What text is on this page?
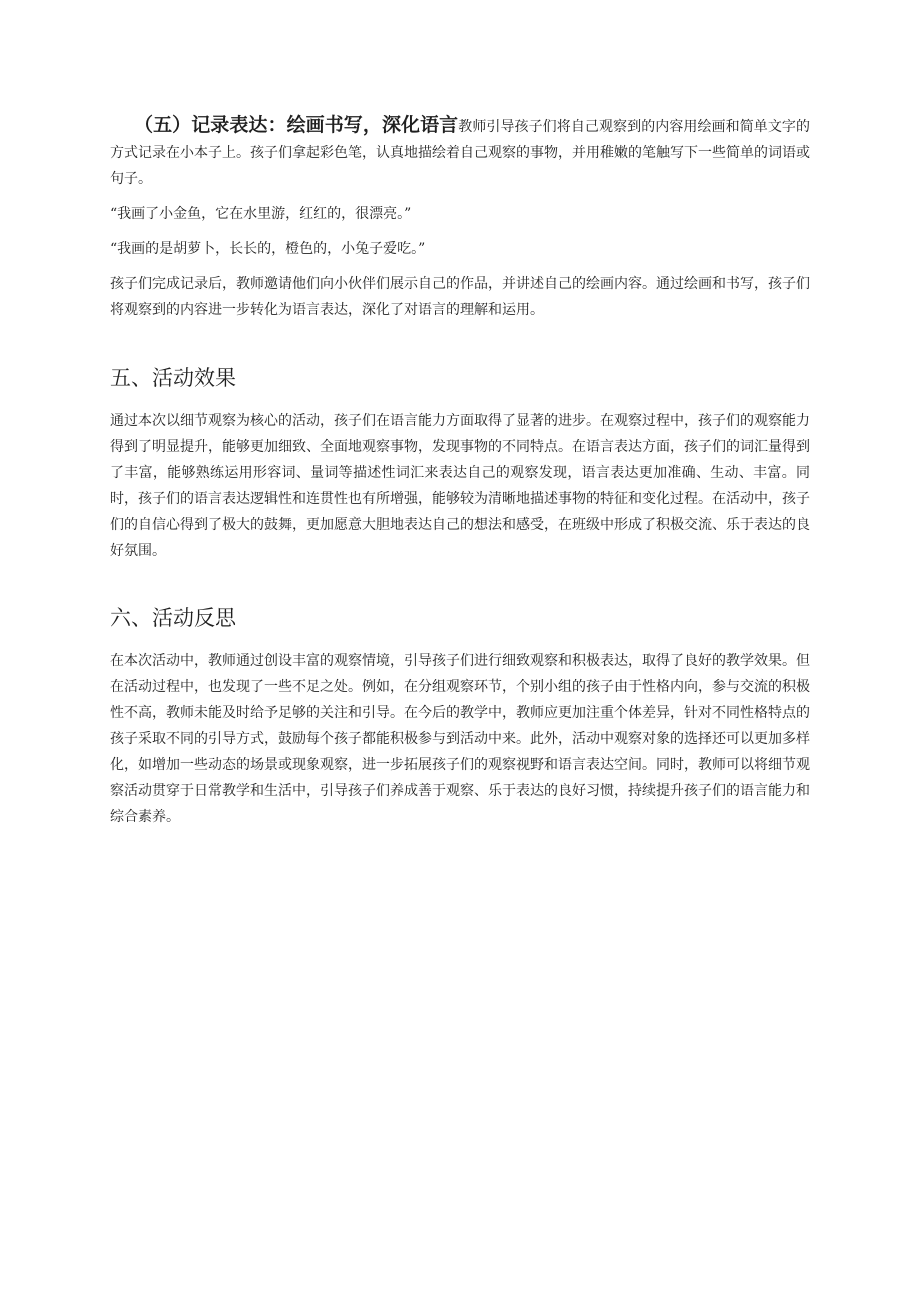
（五）记录表达：绘画书写，深化语言教师引导孩子们将自己观察到的内容用绘画和简单文字的方式记录在小本子上。孩子们拿起彩色笔，认真地描绘着自己观察的事物，并用稚嫩的笔触写下一些简单的词语或句子。

“我画了小金鱼，它在水里游，红红的，很漂亮。”

“我画的是胡萝卜，长长的，橙色的，小兔子爱吃。”

孩子们完成记录后，教师邀请他们向小伙伴们展示自己的作品，并讲述自己的绘画内容。通过绘画和书写，孩子们将观察到的内容进一步转化为语言表达，深化了对语言的理解和运用。

五、活动效果

通过本次以细节观察为核心的活动，孩子们在语言能力方面取得了显著的进步。在观察过程中，孩子们的观察能力得到了明显提升，能够更加细致、全面地观察事物，发现事物的不同特点。在语言表达方面，孩子们的词汇量得到了丰富，能够熟练运用形容词、量词等描述性词汇来表达自己的观察发现，语言表达更加准确、生动、丰富。同时，孩子们的语言表达逻辑性和连贯性也有所增强，能够较为清晰地描述事物的特征和变化过程。在活动中，孩子们的自信心得到了极大的鼓舞，更加愿意大胆地表达自己的想法和感受，在班级中形成了积极交流、乐于表达的良好氛围。

六、活动反思

在本次活动中，教师通过创设丰富的观察情境，引导孩子们进行细致观察和积极表达，取得了良好的教学效果。但在活动过程中，也发现了一些不足之处。例如，在分组观察环节，个别小组的孩子由于性格内向，参与交流的积极性不高，教师未能及时给予足够的关注和引导。在今后的教学中，教师应更加注重个体差异，针对不同性格特点的孩子采取不同的引导方式，鼓励每个孩子都能积极参与到活动中来。此外，活动中观察对象的选择还可以更加多样化，如增加一些动态的场景或现象观察，进一步拓展孩子们的观察视野和语言表达空间。同时，教师可以将细节观察活动贯穿于日常教学和生活中，引导孩子们养成善于观察、乐于表达的良好习惯，持续提升孩子们的语言能力和综合素养。
